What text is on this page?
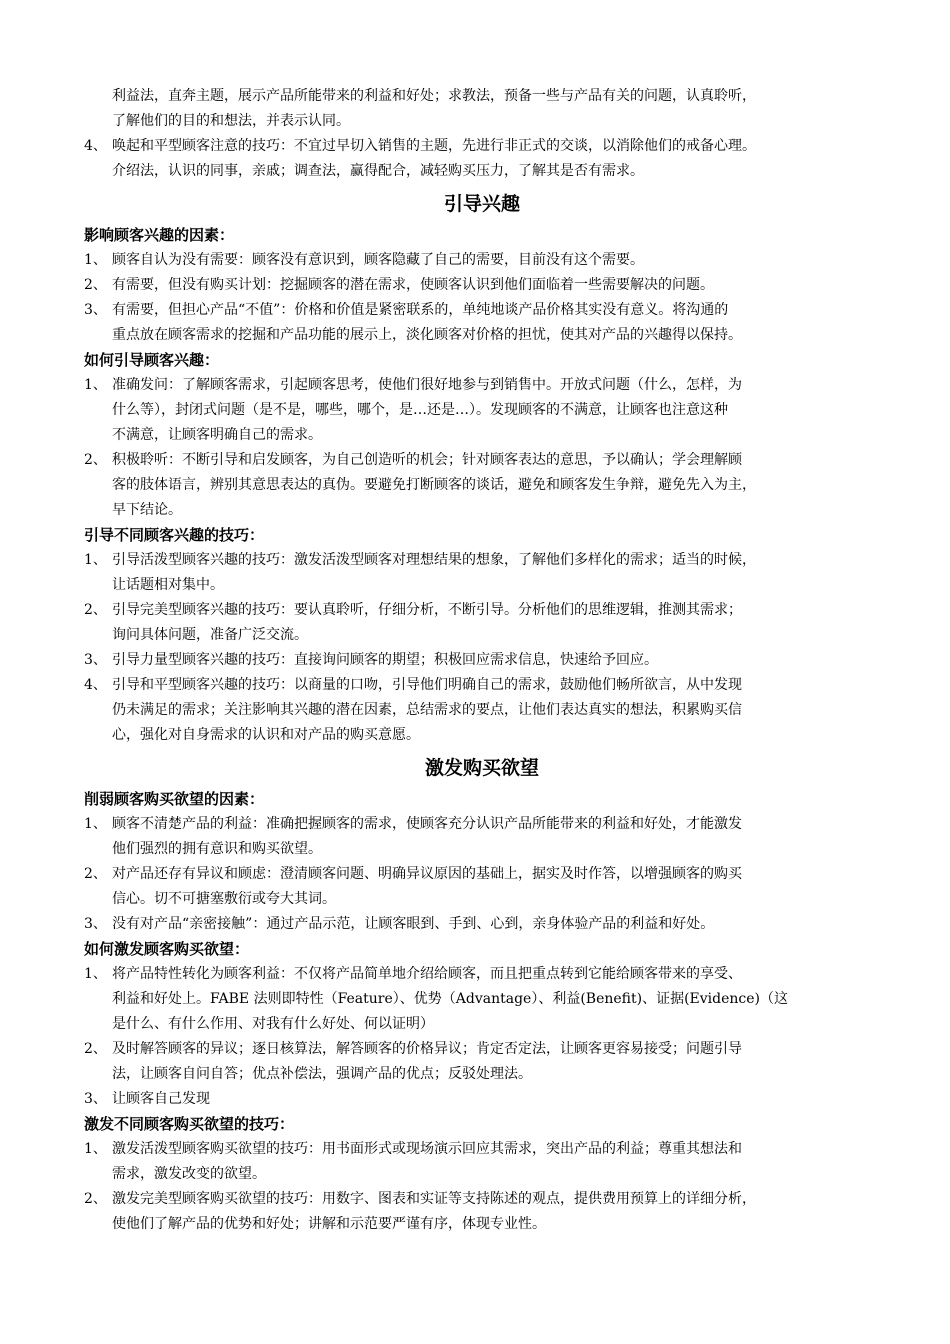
利益法，直奔主题，展示产品所能带来的利益和好处；求教法，预备一些与产品有关的问题，认真聆听，
了解他们的目的和想法，并表示认同。
4、 唤起和平型顾客注意的技巧：不宜过早切入销售的主题，先进行非正式的交谈，以消除他们的戒备心理。
介绍法，认识的同事，亲戚；调查法，赢得配合，减轻购买压力，了解其是否有需求。
引导兴趣
影响顾客兴趣的因素：
1、 顾客自认为没有需要：顾客没有意识到，顾客隐藏了自己的需要，目前没有这个需要。
2、 有需要，但没有购买计划：挖掘顾客的潜在需求，使顾客认识到他们面临着一些需要解决的问题。
3、 有需要，但担心产品“不值”：价格和价值是紧密联系的，单纯地谈产品价格其实没有意义。将沟通的
重点放在顾客需求的挖掘和产品功能的展示上，淡化顾客对价格的担忧，使其对产品的兴趣得以保持。
如何引导顾客兴趣：
1、 准确发问：了解顾客需求，引起顾客思考，使他们很好地参与到销售中。开放式问题（什么，怎样，为
什么等），封闭式问题（是不是，哪些，哪个，是…还是…）。发现顾客的不满意，让顾客也注意这种
不满意，让顾客明确自己的需求。
2、 积极聆听：不断引导和启发顾客，为自己创造听的机会；针对顾客表达的意思，予以确认；学会理解顾
客的肢体语言，辨别其意思表达的真伪。要避免打断顾客的谈话，避免和顾客发生争辩，避免先入为主，
早下结论。
引导不同顾客兴趣的技巧：
1、 引导活泼型顾客兴趣的技巧：激发活泼型顾客对理想结果的想象，了解他们多样化的需求；适当的时候，
让话题相对集中。
2、 引导完美型顾客兴趣的技巧：要认真聆听，仔细分析，不断引导。分析他们的思维逻辑，推测其需求；
询问具体问题，准备广泛交流。
3、 引导力量型顾客兴趣的技巧：直接询问顾客的期望；积极回应需求信息，快速给予回应。
4、 引导和平型顾客兴趣的技巧：以商量的口吻，引导他们明确自己的需求，鼓励他们畅所欲言，从中发现
仍未满足的需求；关注影响其兴趣的潜在因素，总结需求的要点，让他们表达真实的想法，积累购买信
心，强化对自身需求的认识和对产品的购买意愿。
激发购买欲望
削弱顾客购买欲望的因素：
1、 顾客不清楚产品的利益：准确把握顾客的需求，使顾客充分认识产品所能带来的利益和好处，才能激发
他们强烈的拥有意识和购买欲望。
2、 对产品还存有异议和顾虑：澄清顾客问题、明确异议原因的基础上，据实及时作答，以增强顾客的购买
信心。切不可搪塞敷衍或夸大其词。
3、 没有对产品“亲密接触”：通过产品示范，让顾客眼到、手到、心到，亲身体验产品的利益和好处。
如何激发顾客购买欲望：
1、 将产品特性转化为顾客利益：不仅将产品简单地介绍给顾客，而且把重点转到它能给顾客带来的享受、
利益和好处上。FABE 法则即特性（Feature）、优势（Advantage）、利益(Benefit)、证据(Evidence)（这
是什么、有什么作用、对我有什么好处、何以证明）
2、 及时解答顾客的异议；逐日核算法，解答顾客的价格异议；肯定否定法，让顾客更容易接受；问题引导
法，让顾客自问自答；优点补偿法，强调产品的优点；反驳处理法。
3、 让顾客自己发现
激发不同顾客购买欲望的技巧：
1、 激发活泼型顾客购买欲望的技巧：用书面形式或现场演示回应其需求，突出产品的利益；尊重其想法和
需求，激发改变的欲望。
2、 激发完美型顾客购买欲望的技巧：用数字、图表和实证等支持陈述的观点，提供费用预算上的详细分析，
使他们了解产品的优势和好处；讲解和示范要严谨有序，体现专业性。
